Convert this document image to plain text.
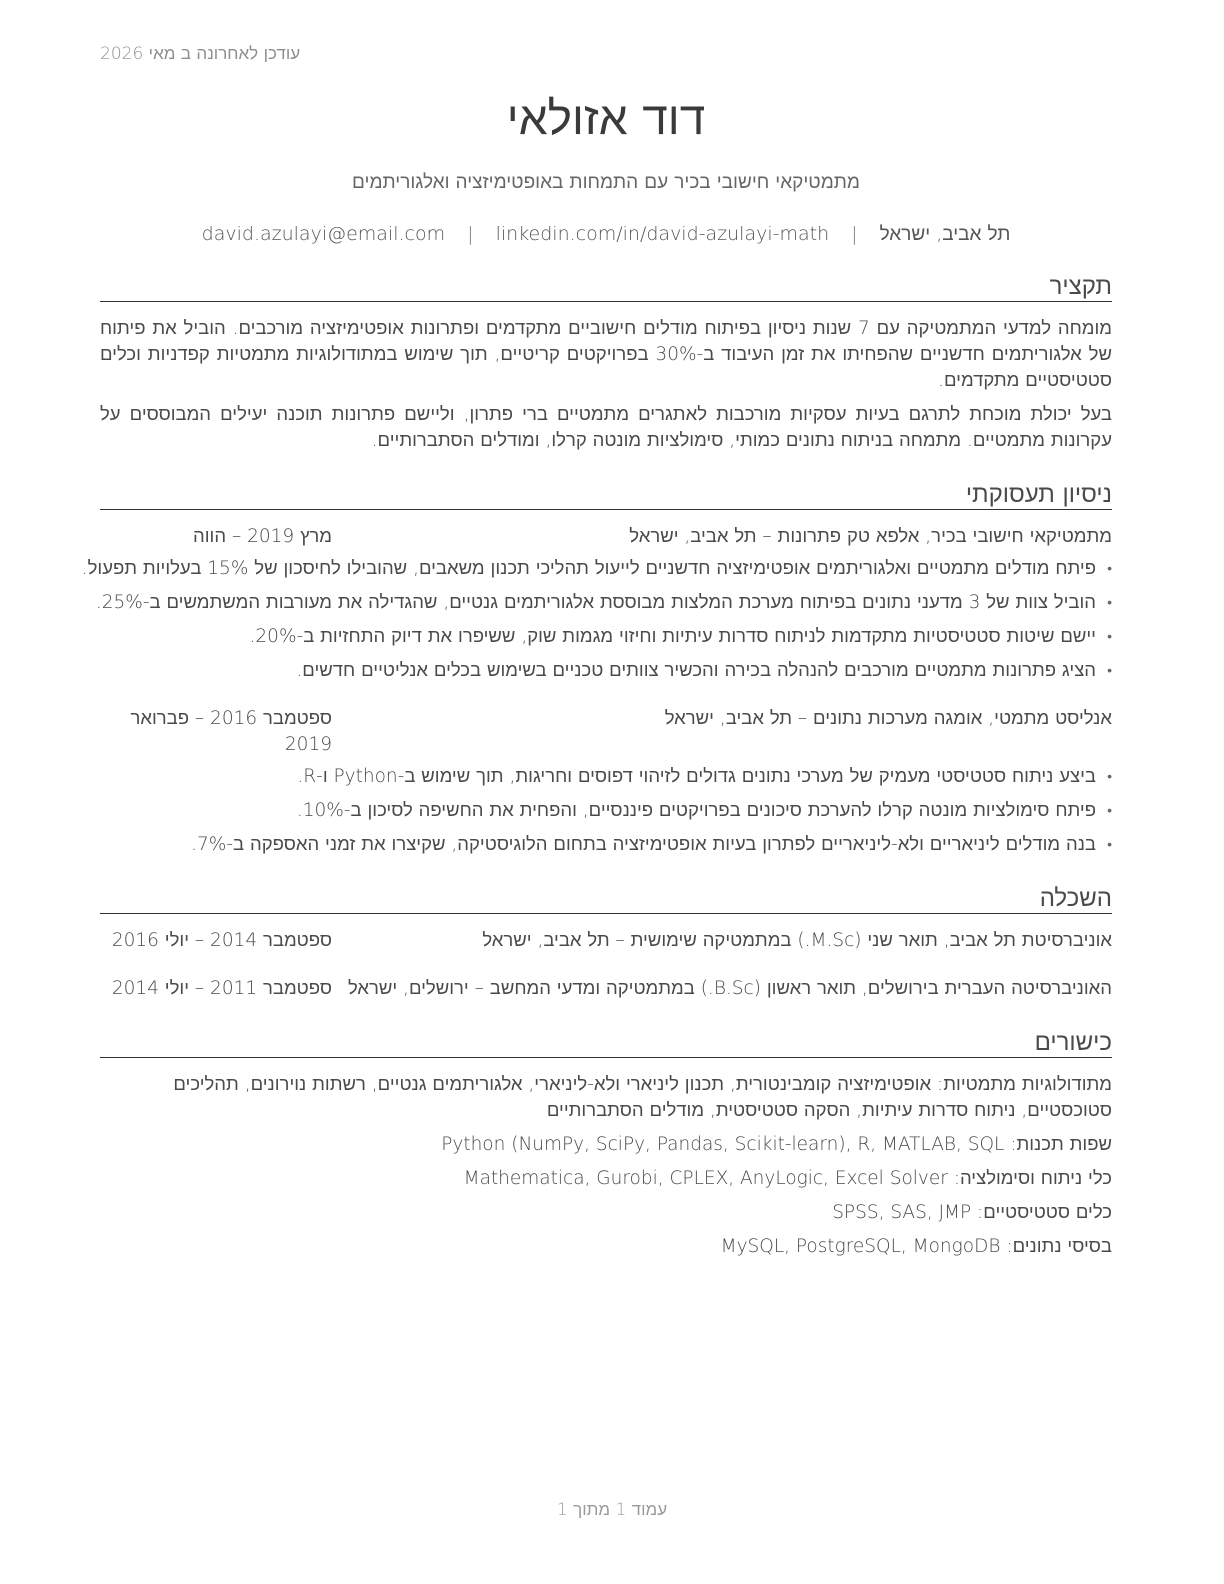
עודכן לאחרונה ב מאי 2026
דוד אזולאי
מתמטיקאי חישובי בכיר עם התמחות באופטימיזציה ואלגוריתמים
תל אביב, ישראל | david.azulayi@email.com | linkedin.com/in/david-azulayi-math
תקציר

מומחה למדעי המתמטיקה עם 7 שנות ניסיון בפיתוח מודלים חישוביים מתקדמים ופתרונות אופטימיזציה מורכבים. הוביל את פיתוח של אלגוריתמים חדשניים שהפחיתו את זמן העיבוד ב-30% בפרויקטים קריטיים, תוך שימוש במתודולוגיות מתמטיות קפדניות וכלים סטטיסטיים מתקדמים.

בעל יכולת מוכחת לתרגם בעיות עסקיות מורכבות לאתגרים מתמטיים ברי פתרון, וליישם פתרונות תוכנה יעילים המבוססים על עקרונות מתמטיים. מתמחה בניתוח נתונים כמותי, סימולציות מונטה קרלו, ומודלים הסתברותיים.

ניסיון תעסוקתי
מתמטיקאי חישובי בכיר, אלפא טק פתרונות – תל אביב, ישראל
מרץ 2019 – הווה
• פיתח מודלים מתמטיים ואלגוריתמים אופטימיזציה חדשניים לייעול תהליכי תכנון משאבים, שהובילו לחיסכון של 15% בעלויות תפעול.
• הוביל צוות של 3 מדעני נתונים בפיתוח מערכת המלצות מבוססת אלגוריתמים גנטיים, שהגדילה את מעורבות המשתמשים ב-25%.
• יישם שיטות סטטיסטיות מתקדמות לניתוח סדרות עיתיות וחיזוי מגמות שוק, ששיפרו את דיוק התחזיות ב-20%.
• הציג פתרונות מתמטיים מורכבים להנהלה בכירה והכשיר צוותים טכניים בשימוש בכלים אנליטיים חדשים.
אנליסט מתמטי, אומגה מערכות נתונים – תל אביב, ישראל
ספטמבר 2016 – פברואר 2019
• ביצע ניתוח סטטיסטי מעמיק של מערכי נתונים גדולים לזיהוי דפוסים וחריגות, תוך שימוש ב-Python ו-R.
• פיתח סימולציות מונטה קרלו להערכת סיכונים בפרויקטים פיננסיים, והפחית את החשיפה לסיכון ב-10%.
• בנה מודלים ליניאריים ולא-ליניאריים לפתרון בעיות אופטימיזציה בתחום הלוגיסטיקה, שקיצרו את זמני האספקה ב-7%.
השכלה
אוניברסיטת תל אביב, תואר שני (M.Sc.) במתמטיקה שימושית – תל אביב, ישראל
ספטמבר 2014 – יולי 2016
האוניברסיטה העברית בירושלים, תואר ראשון (B.Sc.) במתמטיקה ומדעי המחשב – ירושלים, ישראל
ספטמבר 2011 – יולי 2014
כישורים
מתודולוגיות מתמטיות: אופטימיזציה קומבינטורית, תכנון ליניארי ולא-ליניארי, אלגוריתמים גנטיים, רשתות נוירונים, תהליכים סטוכסטיים, ניתוח סדרות עיתיות, הסקה סטטיסטית, מודלים הסתברותיים
שפות תכנות: Python (NumPy, SciPy, Pandas, Scikit-learn), R, MATLAB, SQL
כלי ניתוח וסימולציה: Mathematica, Gurobi, CPLEX, AnyLogic, Excel Solver
כלים סטטיסטיים: SPSS, SAS, JMP
בסיסי נתונים: MySQL, PostgreSQL, MongoDB
עמוד 1 מתוך 1
